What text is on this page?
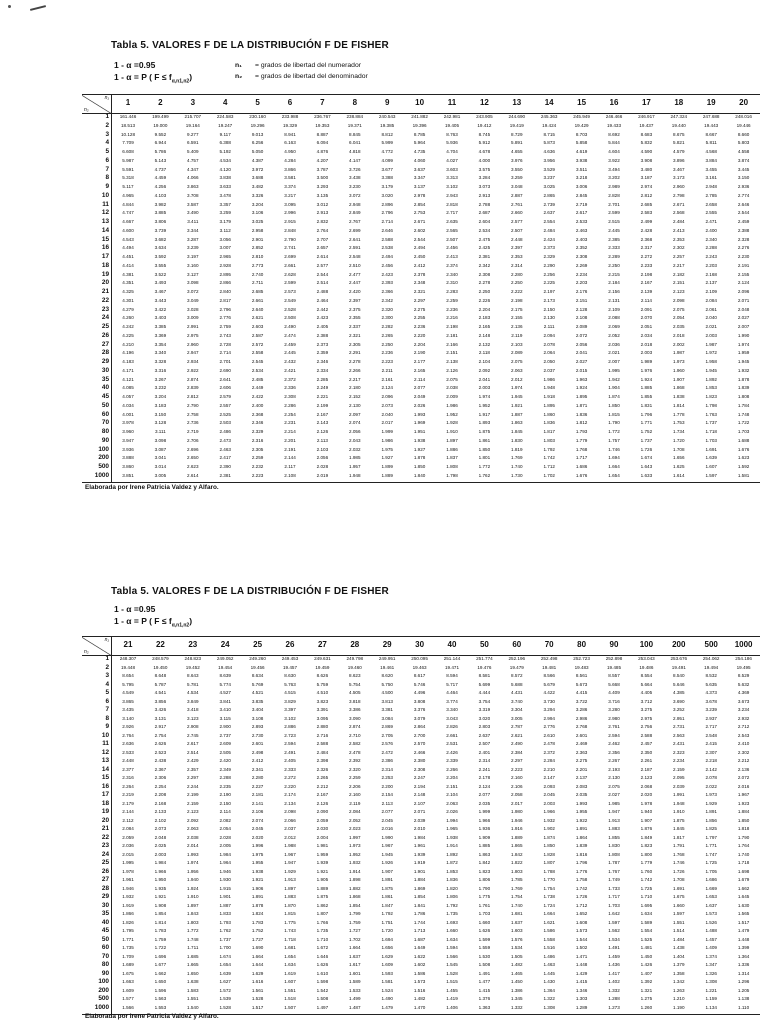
Tabla 5. VALORES F DE LA DISTRIBUCIÓN F DE FISHER
1 - α =0.95
1 - α = P ( $F \le f_{\alpha,n1,n2}$)
n₁ = grados de libertad del numerador
n₂ = grados de libertad del denominador
n₁
n₂
1	2	3	4	5	6	7	8	9	10	11	12	13	14	15	16	17	18	19	20
1	161.446	199.499	215.707	224.583	230.160	233.988	236.767	238.884	240.543	241.882	242.981	243.905	244.690	245.363	245.949	246.466	246.917	247.324	247.688	248.016
2	18.513	19.000	19.164	19.247	19.296	19.329	19.353	19.371	19.385	19.396	19.405	19.412	19.419	19.424	19.429	19.433	19.437	19.440	19.443	19.446
3	10.128	9.552	9.277	9.117	9.013	8.941	8.887	8.845	8.812	8.785	8.763	8.745	8.729	8.715	8.703	8.692	8.683	8.675	8.667	8.660
4	7.709	6.944	6.591	6.388	6.256	6.163	6.094	6.041	5.999	5.964	5.936	5.912	5.891	5.873	5.858	5.844	5.832	5.821	5.811	5.803
5	6.608	5.786	5.409	5.192	5.050	4.950	4.876	4.818	4.772	4.735	4.704	4.678	4.655	4.636	4.619	4.604	4.590	4.579	4.568	4.558
6	5.987	5.143	4.757	4.534	4.387	4.284	4.207	4.147	4.099	4.060	4.027	4.000	3.976	3.956	3.938	3.922	3.908	3.896	3.884	3.874
7	5.591	4.737	4.347	4.120	3.972	3.866	3.787	3.726	3.677	3.637	3.603	3.575	3.550	3.529	3.511	3.494	3.480	3.467	3.455	3.445
8	5.318	4.459	4.066	3.838	3.688	3.581	3.500	3.438	3.388	3.347	3.313	3.284	3.259	3.237	3.218	3.202	3.187	3.173	3.161	3.150
9	5.117	4.256	3.863	3.633	3.482	3.374	3.293	3.230	3.179	3.137	3.102	3.073	3.048	3.025	3.006	2.989	2.974	2.960	2.948	2.936
10	4.965	4.103	3.708	3.478	3.326	3.217	3.135	3.072	3.020	2.978	2.943	2.913	2.887	2.865	2.845	2.828	2.812	2.798	2.785	2.774
11	4.844	3.982	3.587	3.357	3.204	3.095	3.012	2.948	2.896	2.854	2.818	2.788	2.761	2.739	2.719	2.701	2.685	2.671	2.658	2.646
12	4.747	3.885	3.490	3.259	3.106	2.996	2.913	2.849	2.796	2.753	2.717	2.687	2.660	2.637	2.617	2.599	2.583	2.568	2.555	2.544
13	4.667	3.806	3.411	3.179	3.025	2.915	2.832	2.767	2.714	2.671	2.635	2.604	2.577	2.554	2.533	2.515	2.499	2.484	2.471	2.459
14	4.600	3.739	3.344	3.112	2.958	2.848	2.764	2.699	2.646	2.602	2.565	2.534	2.507	2.484	2.463	2.445	2.428	2.413	2.400	2.388
15	4.543	3.682	3.287	3.056	2.901	2.790	2.707	2.641	2.588	2.544	2.507	2.475	2.448	2.424	2.403	2.385	2.368	2.353	2.340	2.328
16	4.494	3.634	3.239	3.007	2.852	2.741	2.657	2.591	2.538	2.494	2.456	2.425	2.397	2.373	2.352	2.333	2.317	2.302	2.288	2.276
17	4.451	3.592	3.197	2.965	2.810	2.699	2.614	2.548	2.494	2.450	2.413	2.381	2.353	2.329	2.308	2.289	2.272	2.257	2.243	2.230
18	4.414	3.555	3.160	2.928	2.773	2.661	2.577	2.510	2.456	2.412	2.374	2.342	2.314	2.290	2.269	2.250	2.233	2.217	2.203	2.191
19	4.381	3.522	3.127	2.895	2.740	2.628	2.544	2.477	2.423	2.378	2.340	2.308	2.280	2.256	2.234	2.215	2.198	2.182	2.168	2.155
20	4.351	3.493	3.098	2.866	2.711	2.599	2.514	2.447	2.393	2.348	2.310	2.278	2.250	2.225	2.203	2.184	2.167	2.151	2.137	2.124
21	4.325	3.467	3.072	2.840	2.685	2.573	2.488	2.420	2.366	2.321	2.283	2.250	2.222	2.197	2.176	2.156	2.139	2.123	2.109	2.096
22	4.301	3.443	3.049	2.817	2.661	2.549	2.464	2.397	2.342	2.297	2.259	2.226	2.198	2.173	2.151	2.131	2.114	2.098	2.084	2.071
23	4.279	3.422	3.028	2.796	2.640	2.528	2.442	2.375	2.320	2.275	2.236	2.204	2.175	2.150	2.128	2.109	2.091	2.075	2.061	2.048
24	4.260	3.403	3.009	2.776	2.621	2.508	2.423	2.355	2.300	2.255	2.216	2.183	2.155	2.130	2.108	2.088	2.070	2.054	2.040	2.027
25	4.242	3.385	2.991	2.759	2.603	2.490	2.405	2.337	2.282	2.236	2.198	2.165	2.136	2.111	2.089	2.069	2.051	2.035	2.021	2.007
26	4.225	3.369	2.975	2.743	2.587	2.474	2.388	2.321	2.265	2.220	2.181	2.148	2.119	2.094	2.072	2.052	2.034	2.018	2.003	1.990
27	4.210	3.354	2.960	2.728	2.572	2.459	2.373	2.305	2.250	2.204	2.166	2.132	2.103	2.078	2.056	2.036	2.018	2.002	1.987	1.974
28	4.196	3.340	2.947	2.714	2.558	2.445	2.359	2.291	2.236	2.190	2.151	2.118	2.089	2.064	2.041	2.021	2.003	1.987	1.972	1.959
29	4.183	3.328	2.934	2.701	2.545	2.432	2.346	2.278	2.223	2.177	2.138	2.104	2.075	2.050	2.027	2.007	1.989	1.973	1.958	1.945
30	4.171	3.316	2.922	2.690	2.534	2.421	2.334	2.266	2.211	2.165	2.126	2.092	2.063	2.037	2.015	1.995	1.976	1.960	1.945	1.932
35	4.121	3.267	2.874	2.641	2.485	2.372	2.285	2.217	2.161	2.114	2.075	2.041	2.012	1.986	1.963	1.942	1.924	1.907	1.892	1.878
40	4.085	3.232	2.839	2.606	2.449	2.336	2.249	2.180	2.124	2.077	2.038	2.003	1.974	1.948	1.924	1.904	1.885	1.868	1.853	1.839
45	4.057	3.204	2.812	2.579	2.422	2.308	2.221	2.152	2.096	2.049	2.009	1.974	1.945	1.918	1.895	1.874	1.855	1.838	1.823	1.808
50	4.034	3.183	2.790	2.557	2.400	2.286	2.199	2.130	2.073	2.026	1.986	1.952	1.921	1.895	1.871	1.850	1.831	1.814	1.798	1.784
60	4.001	3.150	2.758	2.525	2.368	2.254	2.167	2.097	2.040	1.993	1.952	1.917	1.887	1.860	1.836	1.815	1.796	1.778	1.763	1.748
70	3.978	3.128	2.736	2.503	2.346	2.231	2.143	2.074	2.017	1.969	1.928	1.893	1.863	1.836	1.812	1.790	1.771	1.753	1.737	1.722
80	3.960	3.111	2.719	2.486	2.329	2.214	2.126	2.056	1.999	1.951	1.910	1.875	1.845	1.817	1.793	1.772	1.752	1.734	1.718	1.703
90	3.947	3.098	2.706	2.473	2.316	2.201	2.113	2.043	1.986	1.938	1.897	1.861	1.830	1.803	1.779	1.757	1.737	1.720	1.703	1.688
100	3.936	3.087	2.696	2.463	2.305	2.191	2.103	2.032	1.975	1.927	1.886	1.850	1.819	1.792	1.768	1.746	1.726	1.708	1.691	1.676
200	3.888	3.041	2.650	2.417	2.259	2.144	2.056	1.985	1.927	1.878	1.837	1.801	1.769	1.742	1.717	1.694	1.674	1.656	1.639	1.623
500	3.860	3.014	2.623	2.390	2.232	2.117	2.028	1.957	1.899	1.850	1.808	1.772	1.740	1.712	1.686	1.664	1.643	1.625	1.607	1.592
1000	3.851	3.005	2.614	2.381	2.223	2.108	2.019	1.948	1.889	1.840	1.798	1.762	1.730	1.702	1.676	1.654	1.633	1.614	1.597	1.581
Elaborada por Irene Patricia Valdez y Alfaro.
Tabla 5. VALORES F DE LA DISTRIBUCIÓN F DE FISHER
1 - α =0.95
1 - α = P ( $F \le f_{\alpha,n1,n2}$)
n₁
n₂
21	22	23	24	25	26	27	28	29	30	40	50	60	70	80	90	100	200	500	1000
1	248.307	248.579	248.823	249.052	249.260	249.453	249.631	249.798	249.951	250.095	251.144	251.774	252.196	252.498	252.723	252.898	253.043	253.676	254.062	254.186
2	19.448	19.450	19.452	19.454	19.456	19.457	19.459	19.460	19.461	19.463	19.471	19.476	19.479	19.481	19.483	19.485	19.486	19.491	19.494	19.495
3	8.654	8.648	8.643	8.639	8.634	8.630	8.626	8.623	8.620	8.617	8.594	8.581	8.572	8.566	8.561	8.557	8.554	8.540	8.532	8.529
4	5.795	5.787	5.781	5.774	5.769	5.763	5.759	5.754	5.750	5.746	5.717	5.699	5.688	5.679	5.673	5.668	5.664	5.646	5.635	5.632
5	4.549	4.541	4.534	4.527	4.521	4.515	4.510	4.505	4.500	4.496	4.464	4.444	4.431	4.422	4.415	4.409	4.405	4.385	4.373	4.369
6	3.865	3.856	3.849	3.841	3.835	3.829	3.823	3.818	3.813	3.808	3.774	3.754	3.740	3.730	3.722	3.716	3.712	3.690	3.678	3.673
7	3.435	3.426	3.418	3.410	3.404	3.397	3.391	3.386	3.381	3.376	3.340	3.319	3.304	3.294	3.286	3.280	3.275	3.252	3.239	3.234
8	3.140	3.131	3.123	3.115	3.108	3.102	3.095	3.090	3.084	3.079	3.043	3.020	3.005	2.994	2.986	2.980	2.975	2.951	2.937	2.932
9	2.926	2.917	2.908	2.900	2.893	2.886	2.880	2.874	2.869	2.864	2.826	2.803	2.787	2.776	2.768	2.761	2.756	2.731	2.717	2.712
10	2.764	2.754	2.745	2.737	2.730	2.723	2.716	2.710	2.705	2.700	2.661	2.637	2.621	2.610	2.601	2.594	2.588	2.563	2.548	2.543
11	2.636	2.626	2.617	2.609	2.601	2.594	2.588	2.582	2.576	2.570	2.531	2.507	2.490	2.478	2.469	2.462	2.457	2.431	2.415	2.410
12	2.533	2.523	2.514	2.505	2.498	2.491	2.484	2.478	2.472	2.466	2.426	2.401	2.384	2.372	2.363	2.356	2.350	2.323	2.307	2.302
13	2.448	2.438	2.429	2.420	2.412	2.405	2.398	2.392	2.386	2.380	2.339	2.314	2.297	2.284	2.275	2.267	2.261	2.234	2.218	2.212
14	2.377	2.367	2.357	2.349	2.341	2.333	2.326	2.320	2.314	2.308	2.266	2.241	2.223	2.210	2.201	2.193	2.187	2.159	2.142	2.136
15	2.316	2.306	2.297	2.288	2.280	2.272	2.265	2.259	2.253	2.247	2.204	2.178	2.160	2.147	2.137	2.130	2.123	2.095	2.078	2.072
16	2.264	2.254	2.244	2.235	2.227	2.220	2.212	2.206	2.200	2.194	2.151	2.124	2.106	2.093	2.083	2.075	2.068	2.039	2.022	2.016
17	2.219	2.208	2.199	2.190	2.181	2.174	2.167	2.160	2.154	2.148	2.104	2.077	2.058	2.045	2.035	2.027	2.020	1.991	1.973	1.967
18	2.179	2.168	2.159	2.150	2.141	2.134	2.126	2.119	2.113	2.107	2.063	2.035	2.017	2.003	1.993	1.985	1.978	1.948	1.929	1.923
19	2.144	2.133	2.123	2.114	2.106	2.098	2.090	2.084	2.077	2.071	2.026	1.999	1.980	1.966	1.955	1.947	1.940	1.910	1.891	1.884
20	2.112	2.102	2.092	2.082	2.074	2.066	2.059	2.052	2.045	2.039	1.994	1.966	1.946	1.932	1.922	1.913	1.907	1.875	1.856	1.850
21	2.084	2.073	2.063	2.054	2.045	2.037	2.030	2.023	2.016	2.010	1.965	1.936	1.916	1.902	1.891	1.883	1.876	1.845	1.825	1.818
22	2.059	2.048	2.038	2.028	2.020	2.012	2.004	1.997	1.990	1.984	1.938	1.909	1.889	1.874	1.864	1.855	1.849	1.817	1.797	1.790
23	2.036	2.025	2.014	2.005	1.996	1.988	1.981	1.973	1.967	1.961	1.914	1.885	1.865	1.850	1.839	1.830	1.823	1.791	1.771	1.764
24	2.015	2.003	1.993	1.984	1.975	1.967	1.959	1.952	1.945	1.939	1.892	1.863	1.842	1.828	1.816	1.808	1.800	1.768	1.747	1.740
25	1.995	1.984	1.974	1.964	1.955	1.947	1.939	1.932	1.926	1.919	1.872	1.842	1.822	1.807	1.796	1.787	1.779	1.746	1.725	1.718
26	1.978	1.966	1.956	1.946	1.938	1.929	1.921	1.914	1.907	1.901	1.853	1.823	1.803	1.788	1.776	1.767	1.760	1.726	1.705	1.698
27	1.961	1.950	1.940	1.930	1.921	1.913	1.905	1.898	1.891	1.884	1.836	1.806	1.785	1.770	1.758	1.749	1.742	1.708	1.686	1.679
28	1.946	1.935	1.924	1.915	1.906	1.897	1.889	1.882	1.875	1.869	1.820	1.790	1.769	1.754	1.742	1.733	1.725	1.691	1.669	1.662
29	1.932	1.921	1.910	1.901	1.891	1.883	1.875	1.868	1.861	1.854	1.806	1.775	1.754	1.738	1.726	1.717	1.710	1.675	1.653	1.645
30	1.919	1.908	1.897	1.887	1.878	1.870	1.862	1.854	1.847	1.841	1.792	1.761	1.740	1.724	1.712	1.703	1.695	1.660	1.637	1.630
35	1.866	1.854	1.843	1.833	1.824	1.815	1.807	1.799	1.792	1.786	1.735	1.703	1.681	1.664	1.652	1.642	1.634	1.597	1.573	1.565
40	1.826	1.814	1.803	1.793	1.783	1.775	1.766	1.759	1.751	1.744	1.693	1.660	1.637	1.621	1.608	1.597	1.589	1.551	1.526	1.517
45	1.795	1.783	1.772	1.762	1.752	1.743	1.735	1.727	1.720	1.713	1.660	1.626	1.603	1.586	1.573	1.562	1.554	1.514	1.488	1.479
50	1.771	1.759	1.748	1.737	1.727	1.718	1.710	1.702	1.694	1.687	1.634	1.599	1.576	1.558	1.544	1.534	1.525	1.484	1.457	1.448
60	1.735	1.722	1.711	1.700	1.690	1.681	1.672	1.664	1.656	1.649	1.594	1.559	1.534	1.516	1.502	1.491	1.481	1.438	1.409	1.399
70	1.709	1.696	1.685	1.674	1.664	1.654	1.646	1.637	1.629	1.622	1.566	1.530	1.505	1.486	1.471	1.459	1.450	1.404	1.374	1.364
80	1.689	1.677	1.665	1.654	1.644	1.634	1.626	1.617	1.609	1.602	1.545	1.508	1.482	1.463	1.448	1.436	1.426	1.379	1.347	1.336
90	1.675	1.662	1.650	1.639	1.629	1.619	1.610	1.601	1.593	1.586	1.528	1.491	1.465	1.445	1.429	1.417	1.407	1.358	1.326	1.314
100	1.663	1.650	1.638	1.627	1.616	1.607	1.598	1.589	1.581	1.573	1.515	1.477	1.450	1.430	1.415	1.402	1.392	1.342	1.308	1.296
200	1.609	1.596	1.583	1.572	1.561	1.551	1.542	1.533	1.524	1.516	1.455	1.415	1.386	1.364	1.346	1.332	1.321	1.263	1.221	1.205
500	1.577	1.563	1.551	1.539	1.528	1.518	1.508	1.499	1.490	1.482	1.419	1.376	1.345	1.322	1.303	1.288	1.275	1.210	1.159	1.138
1000	1.566	1.553	1.540	1.528	1.517	1.507	1.497	1.487	1.479	1.470	1.406	1.363	1.332	1.308	1.289	1.273	1.260	1.190	1.134	1.110
Elaborada por Irene Patricia Valdez y Alfaro.
